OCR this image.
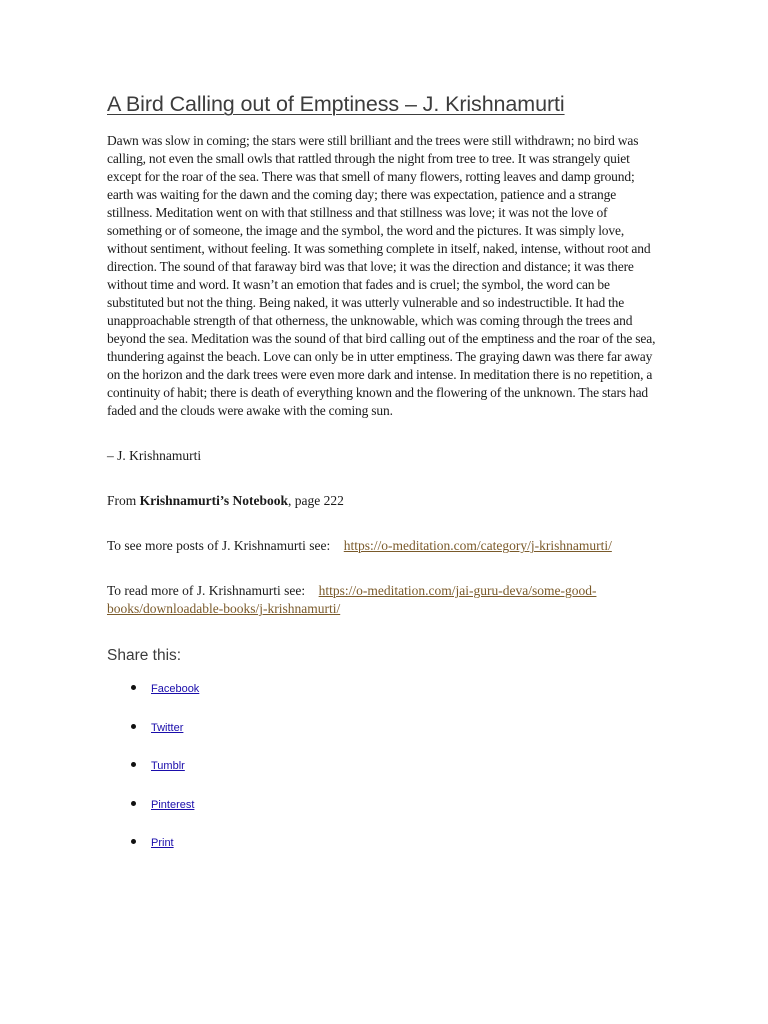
A Bird Calling out of Emptiness – J. Krishnamurti

Dawn was slow in coming; the stars were still brilliant and the trees were still withdrawn; no bird was calling, not even the small owls that rattled through the night from tree to tree. It was strangely quiet except for the roar of the sea. There was that smell of many flowers, rotting leaves and damp ground; earth was waiting for the dawn and the coming day; there was expectation, patience and a strange stillness. Meditation went on with that stillness and that stillness was love; it was not the love of something or of someone, the image and the symbol, the word and the pictures. It was simply love, without sentiment, without feeling. It was something complete in itself, naked, intense, without root and direction. The sound of that faraway bird was that love; it was the direction and distance; it was there without time and word. It wasn’t an emotion that fades and is cruel; the symbol, the word can be substituted but not the thing. Being naked, it was utterly vulnerable and so indestructible. It had the unapproachable strength of that otherness, the unknowable, which was coming through the trees and beyond the sea. Meditation was the sound of that bird calling out of the emptiness and the roar of the sea, thundering against the beach. Love can only be in utter emptiness. The graying dawn was there far away on the horizon and the dark trees were even more dark and intense. In meditation there is no repetition, a continuity of habit; there is death of everything known and the flowering of the unknown. The stars had faded and the clouds were awake with the coming sun.

– J. Krishnamurti

From Krishnamurti’s Notebook, page 222

To see more posts of J. Krishnamurti see: https://o-meditation.com/category/j-krishnamurti/

To read more of J. Krishnamurti see: https://o-meditation.com/jai-guru-deva/some-good-books/downloadable-books/j-krishnamurti/

Share this:
Facebook
Twitter
Tumblr
Pinterest
Print
